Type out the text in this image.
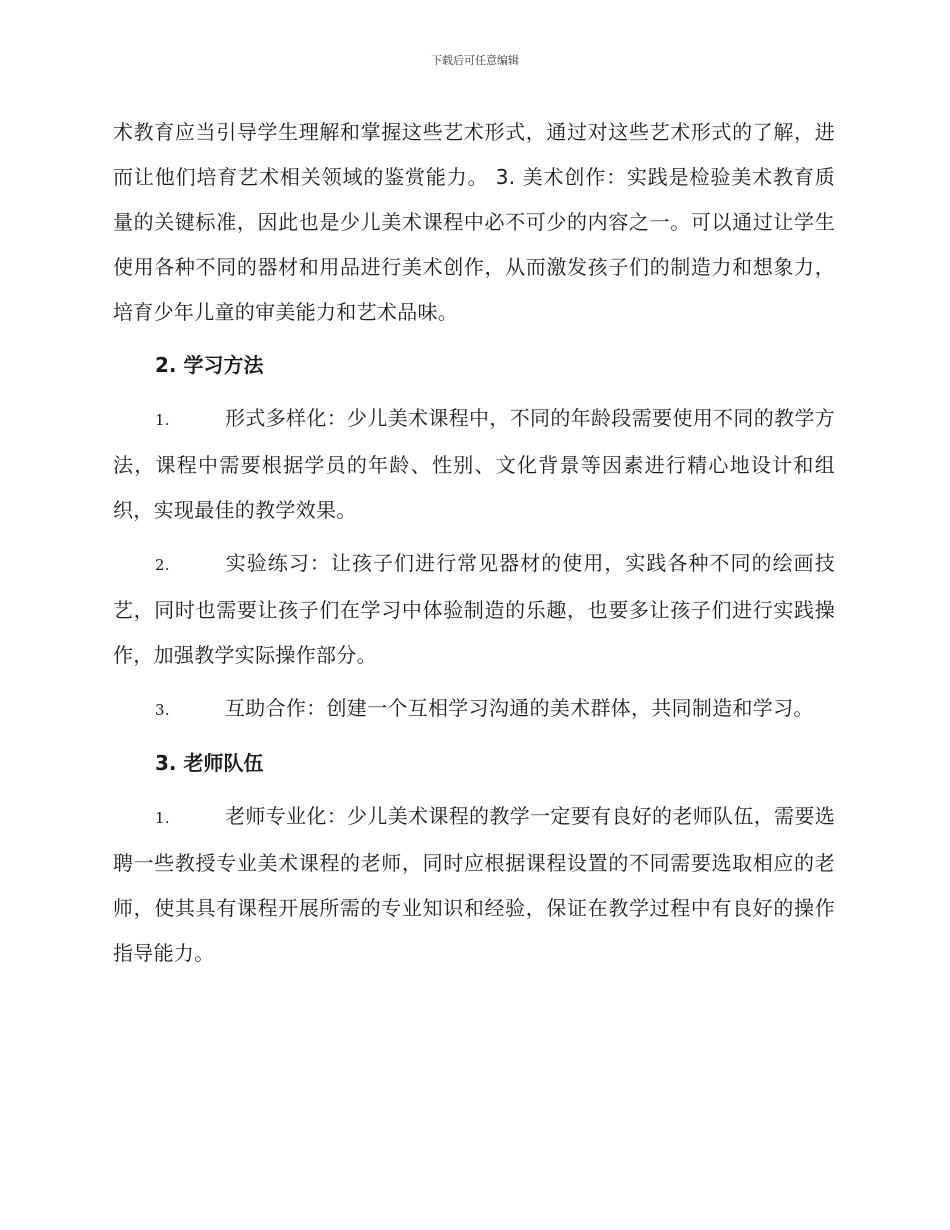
下载后可任意编辑

术教育应当引导学生理解和掌握这些艺术形式，通过对这些艺术形式的了解，进而让他们培育艺术相关领域的鉴赏能力。 3. 美术创作：实践是检验美术教育质量的关键标准，因此也是少儿美术课程中必不可少的内容之一。可以通过让学生使用各种不同的器材和用品进行美术创作，从而激发孩子们的制造力和想象力，培育少年儿童的审美能力和艺术品味。

2. 学习方法

1.	形式多样化：少儿美术课程中，不同的年龄段需要使用不同的教学方法，课程中需要根据学员的年龄、性别、文化背景等因素进行精心地设计和组织，实现最佳的教学效果。

2.	实验练习：让孩子们进行常见器材的使用，实践各种不同的绘画技艺，同时也需要让孩子们在学习中体验制造的乐趣，也要多让孩子们进行实践操作，加强教学实际操作部分。

3.	互助合作：创建一个互相学习沟通的美术群体，共同制造和学习。

3. 老师队伍

1.	老师专业化：少儿美术课程的教学一定要有良好的老师队伍，需要选聘一些教授专业美术课程的老师，同时应根据课程设置的不同需要选取相应的老师，使其具有课程开展所需的专业知识和经验，保证在教学过程中有良好的操作指导能力。
